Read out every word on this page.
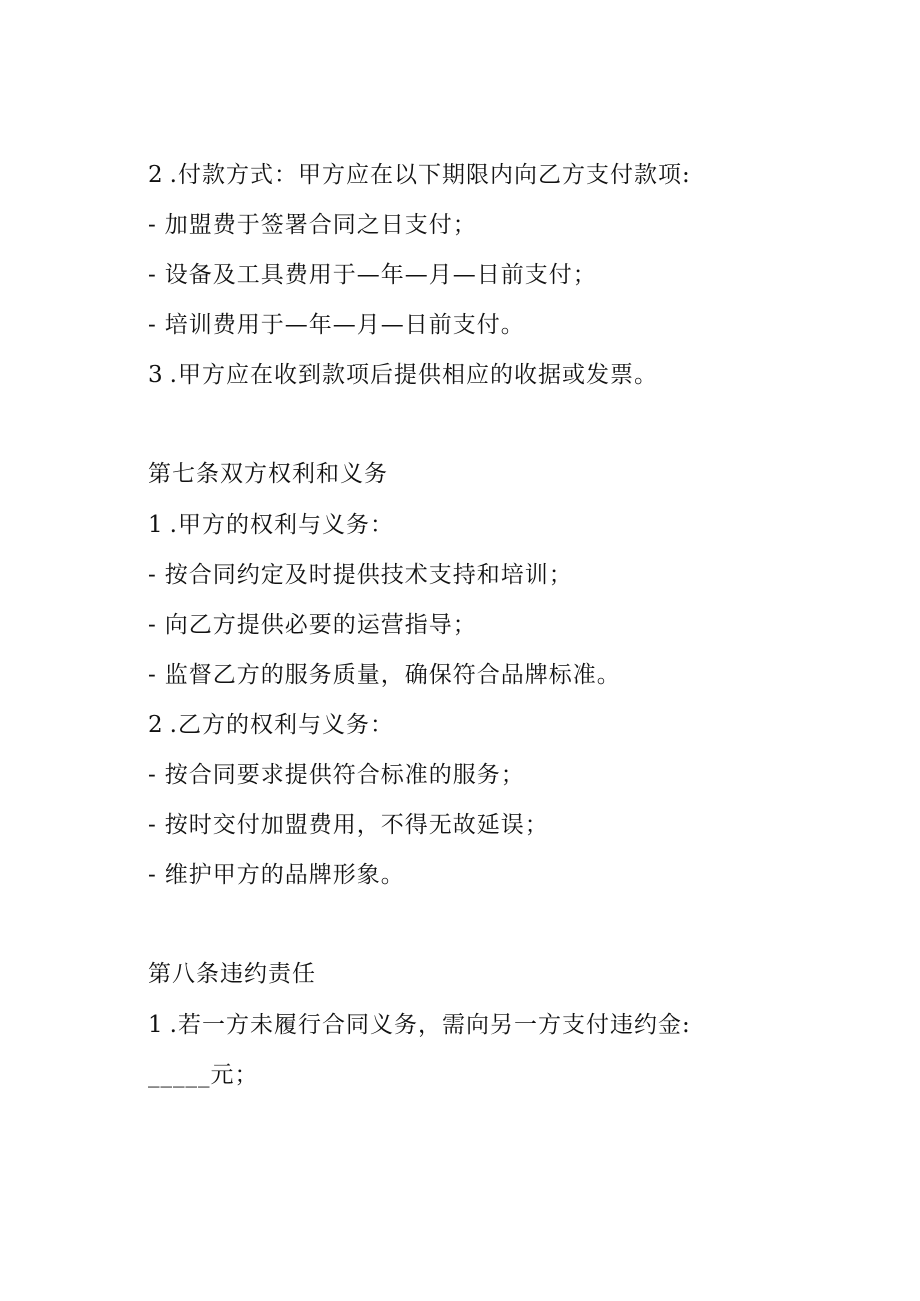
2 .付款方式：甲方应在以下期限内向乙方支付款项:
- 加盟费于签署合同之日支付；
- 设备及工具费用于—年—月—日前支付；
- 培训费用于—年—月—日前支付。
3 .甲方应在收到款项后提供相应的收据或发票。
第七条双方权利和义务
1 .甲方的权利与义务：
- 按合同约定及时提供技术支持和培训；
- 向乙方提供必要的运营指导；
- 监督乙方的服务质量，确保符合品牌标准。
2 .乙方的权利与义务：
- 按合同要求提供符合标准的服务；
- 按时交付加盟费用，不得无故延误；
- 维护甲方的品牌形象。
第八条违约责任
1 .若一方未履行合同义务，需向另一方支付违约金:
_____元；
